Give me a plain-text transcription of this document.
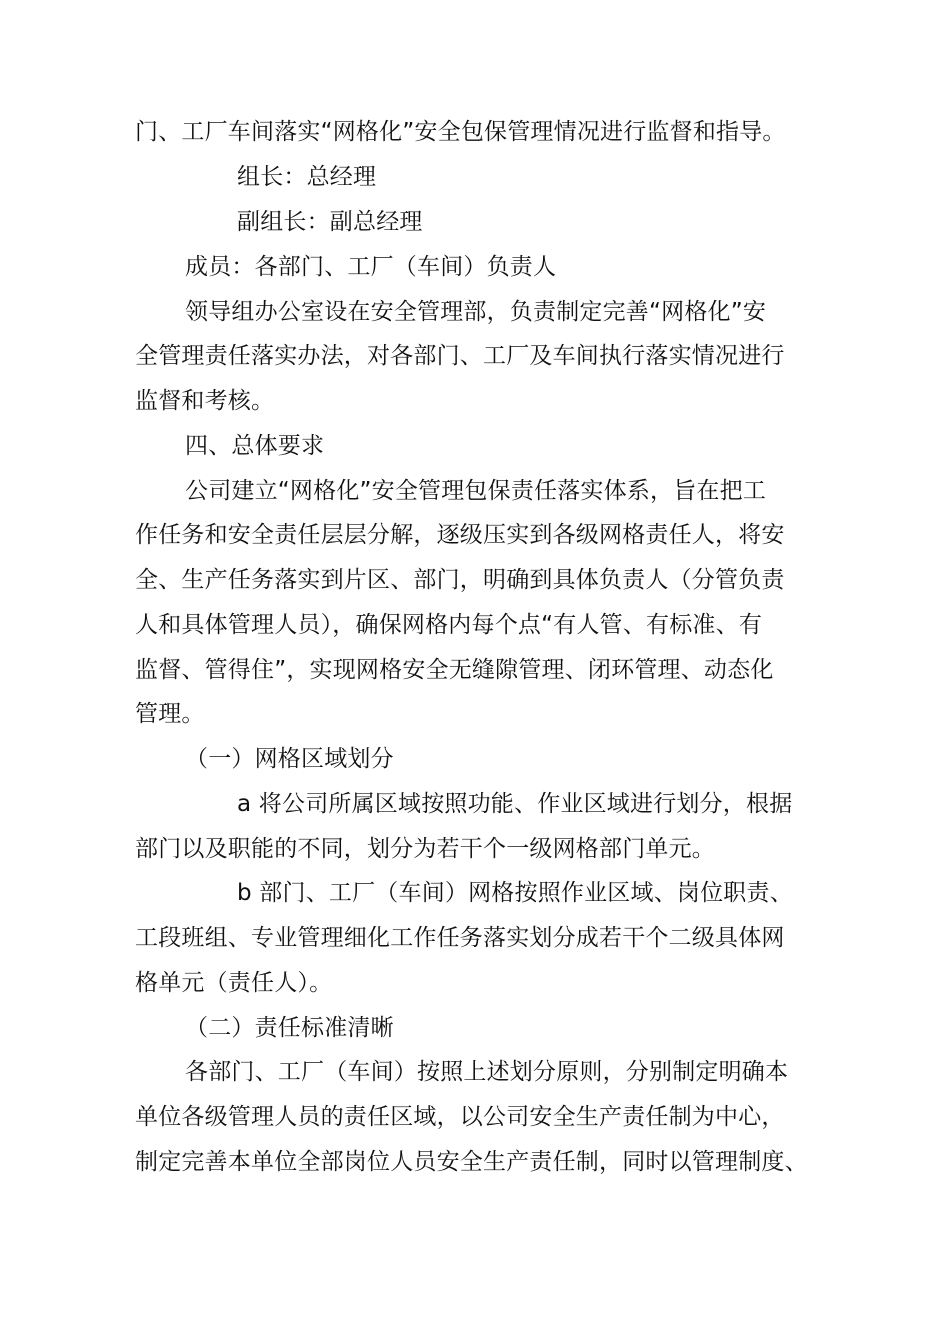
门、工厂车间落实“网格化”安全包保管理情况进行监督和指导。
组长：总经理
副组长：副总经理
成员：各部门、工厂（车间）负责人
领导组办公室设在安全管理部，负责制定完善“网格化”安
全管理责任落实办法，对各部门、工厂及车间执行落实情况进行
监督和考核。
四、总体要求
公司建立“网格化”安全管理包保责任落实体系，旨在把工
作任务和安全责任层层分解，逐级压实到各级网格责任人，将安
全、生产任务落实到片区、部门，明确到具体负责人（分管负责
人和具体管理人员），确保网格内每个点“有人管、有标准、有
监督、管得住”，实现网格安全无缝隙管理、闭环管理、动态化
管理。
（一）网格区域划分
a 将公司所属区域按照功能、作业区域进行划分，根据
部门以及职能的不同，划分为若干个一级网格部门单元。
b 部门、工厂（车间）网格按照作业区域、岗位职责、
工段班组、专业管理细化工作任务落实划分成若干个二级具体网
格单元（责任人）。
（二）责任标准清晰
各部门、工厂（车间）按照上述划分原则，分别制定明确本
单位各级管理人员的责任区域，以公司安全生产责任制为中心，
制定完善本单位全部岗位人员安全生产责任制，同时以管理制度、
